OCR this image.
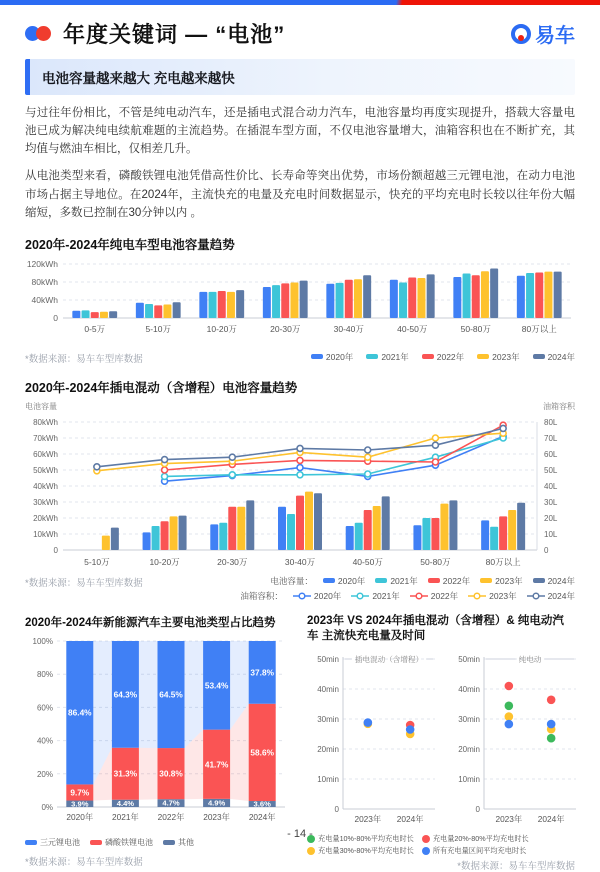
年度关键词 — “电池”	易车
电池容量越来越大 充电越来越快

与过往年份相比，不管是纯电动汽车，还是插电式混合动力汽车，电池容量均再度实现提升，搭载大容量电池已成为解决纯电续航难题的主流趋势。在插混车型方面，不仅电池容量增大，油箱容积也在不断扩充，其均值与燃油车相比，仅相差几升。

从电池类型来看，磷酸铁锂电池凭借高性价比、长寿命等突出优势，市场份额超越三元锂电池，在动力电池市场占据主导地位。在2024年，主流快充的电量及充电时间数据显示，快充的平均充电时长较以往年份大幅缩短，多数已控制在30分钟以内 。

2020年-2024年纯电车型电池容量趋势
0
40kWh
80kWh
120kWh
0-5万	5-10万	10-20万	20-30万	30-40万	40-50万	50-80万	80万以上
*数据来源：易车车型库数据	2020年	2021年	2022年	2023年	2024年
2020年-2024年插电混动（含增程）电池容量趋势
电池容量	油箱容积
0	0
10kWh	10L
20kWh	20L
30kWh	30L
40kWh	40L
50kWh	50L
60kWh	60L
70kWh	70L
80kWh	80L
5-10万	10-20万	20-30万	30-40万	40-50万	50-80万	80万以上
*数据来源：易车车型库数据	电池容量：	2020年	2021年	2022年	2023年	2024年
油箱容积：	2020年	2021年	2022年	2023年	2024年
2020年-2024年新能源汽车主要电池类型占比趋势
0%
20%
40%
60%
80%
100%
86.4%
9.7%
3.9%
2020年
64.3%
31.3%
4.4%
2021年
64.5%
30.8%
4.7%
2022年
53.4%
41.7%
4.9%
2023年
37.8%
58.6%
3.6%
2024年
三元锂电池	磷酸铁锂电池	其他
*数据来源：易车车型库数据
2023年 VS 2024年插电混动（含增程）& 纯电动汽车 主流快充电量及时间
50min
40min
30min
20min
10min
0
插电混动（含增程）
2023年 2024年
50min
40min
30min
20min
10min
0
纯电动
2023年 2024年
充电量10%-80%平均充电时长	充电量20%-80%平均充电时长
充电量30%-80%平均充电时长	所有充电量区间平均充电时长
*数据来源：易车车型库数据
- 14 -
